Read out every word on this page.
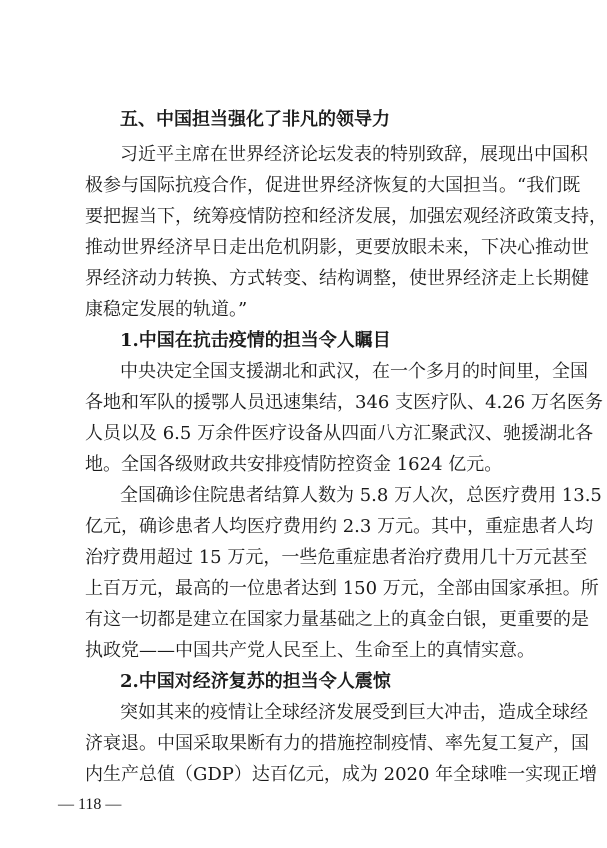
五、中国担当强化了非凡的领导力
习近平主席在世界经济论坛发表的特别致辞，展现出中国积
极参与国际抗疫合作，促进世界经济恢复的大国担当。“我们既
要把握当下，统筹疫情防控和经济发展，加强宏观经济政策支持，
推动世界经济早日走出危机阴影，更要放眼未来，下决心推动世
界经济动力转换、方式转变、结构调整，使世界经济走上长期健
康稳定发展的轨道。”
1.中国在抗击疫情的担当令人瞩目
中央决定全国支援湖北和武汉，在一个多月的时间里，全国
各地和军队的援鄂人员迅速集结，346 支医疗队、4.26 万名医务
人员以及 6.5 万余件医疗设备从四面八方汇聚武汉、驰援湖北各
地。全国各级财政共安排疫情防控资金 1624 亿元。
全国确诊住院患者结算人数为 5.8 万人次，总医疗费用 13.5
亿元，确诊患者人均医疗费用约 2.3 万元。其中，重症患者人均
治疗费用超过 15 万元，一些危重症患者治疗费用几十万元甚至
上百万元，最高的一位患者达到 150 万元，全部由国家承担。所
有这一切都是建立在国家力量基础之上的真金白银，更重要的是
执政党——中国共产党人民至上、生命至上的真情实意。
2.中国对经济复苏的担当令人震惊
突如其来的疫情让全球经济发展受到巨大冲击，造成全球经
济衰退。中国采取果断有力的措施控制疫情、率先复工复产，国
内生产总值（GDP）达百亿元，成为 2020 年全球唯一实现正增
— 118 —
